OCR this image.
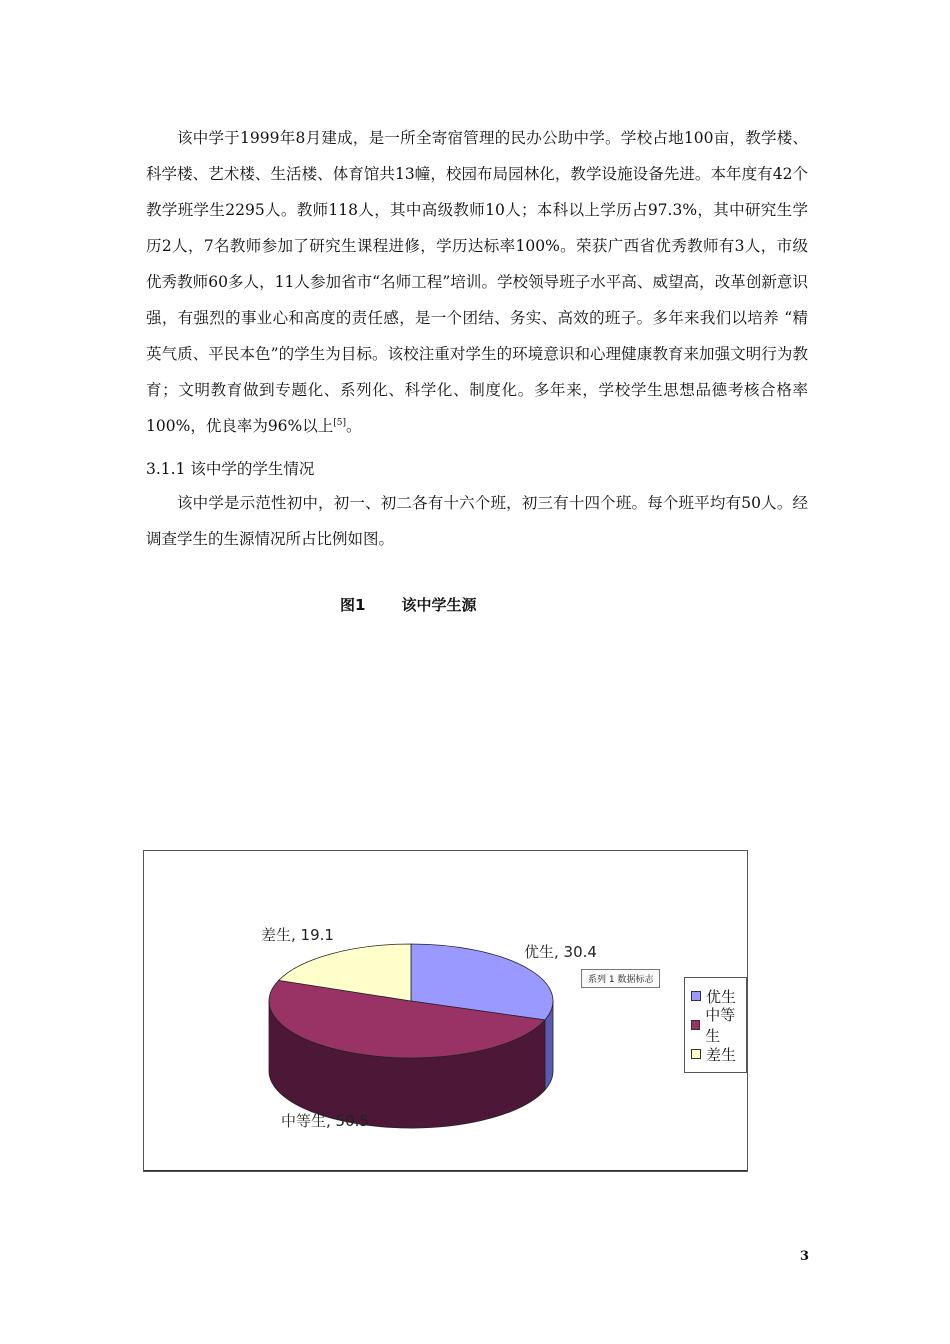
该中学于1999年8月建成，是一所全寄宿管理的民办公助中学。学校占地100亩，教学楼、科学楼、艺术楼、生活楼、体育馆共13幢，校园布局园林化，教学设施设备先进。本年度有42个教学班学生2295人。教师118人，其中高级教师10人；本科以上学历占97.3%，其中研究生学历2人，7名教师参加了研究生课程进修，学历达标率100%。荣获广西省优秀教师有3人，市级优秀教师60多人，11人参加省市“名师工程”培训。学校领导班子水平高、威望高，改革创新意识强，有强烈的事业心和高度的责任感，是一个团结、务实、高效的班子。多年来我们以培养 “精英气质、平民本色”的学生为目标。该校注重对学生的环境意识和心理健康教育来加强文明行为教育；文明教育做到专题化、系列化、科学化、制度化。多年来，学校学生思想品德考核合格率100%，优良率为96%以上[5]。

3.1.1 该中学的学生情况

该中学是示范性初中，初一、初二各有十六个班，初三有十四个班。每个班平均有50人。经调查学生的生源情况所占比例如图。

图1 该中学生源
优生, 30.4
中等生, 50.5
差生, 19.1
系列 1 数据标志
优生
中等生
差生
3
